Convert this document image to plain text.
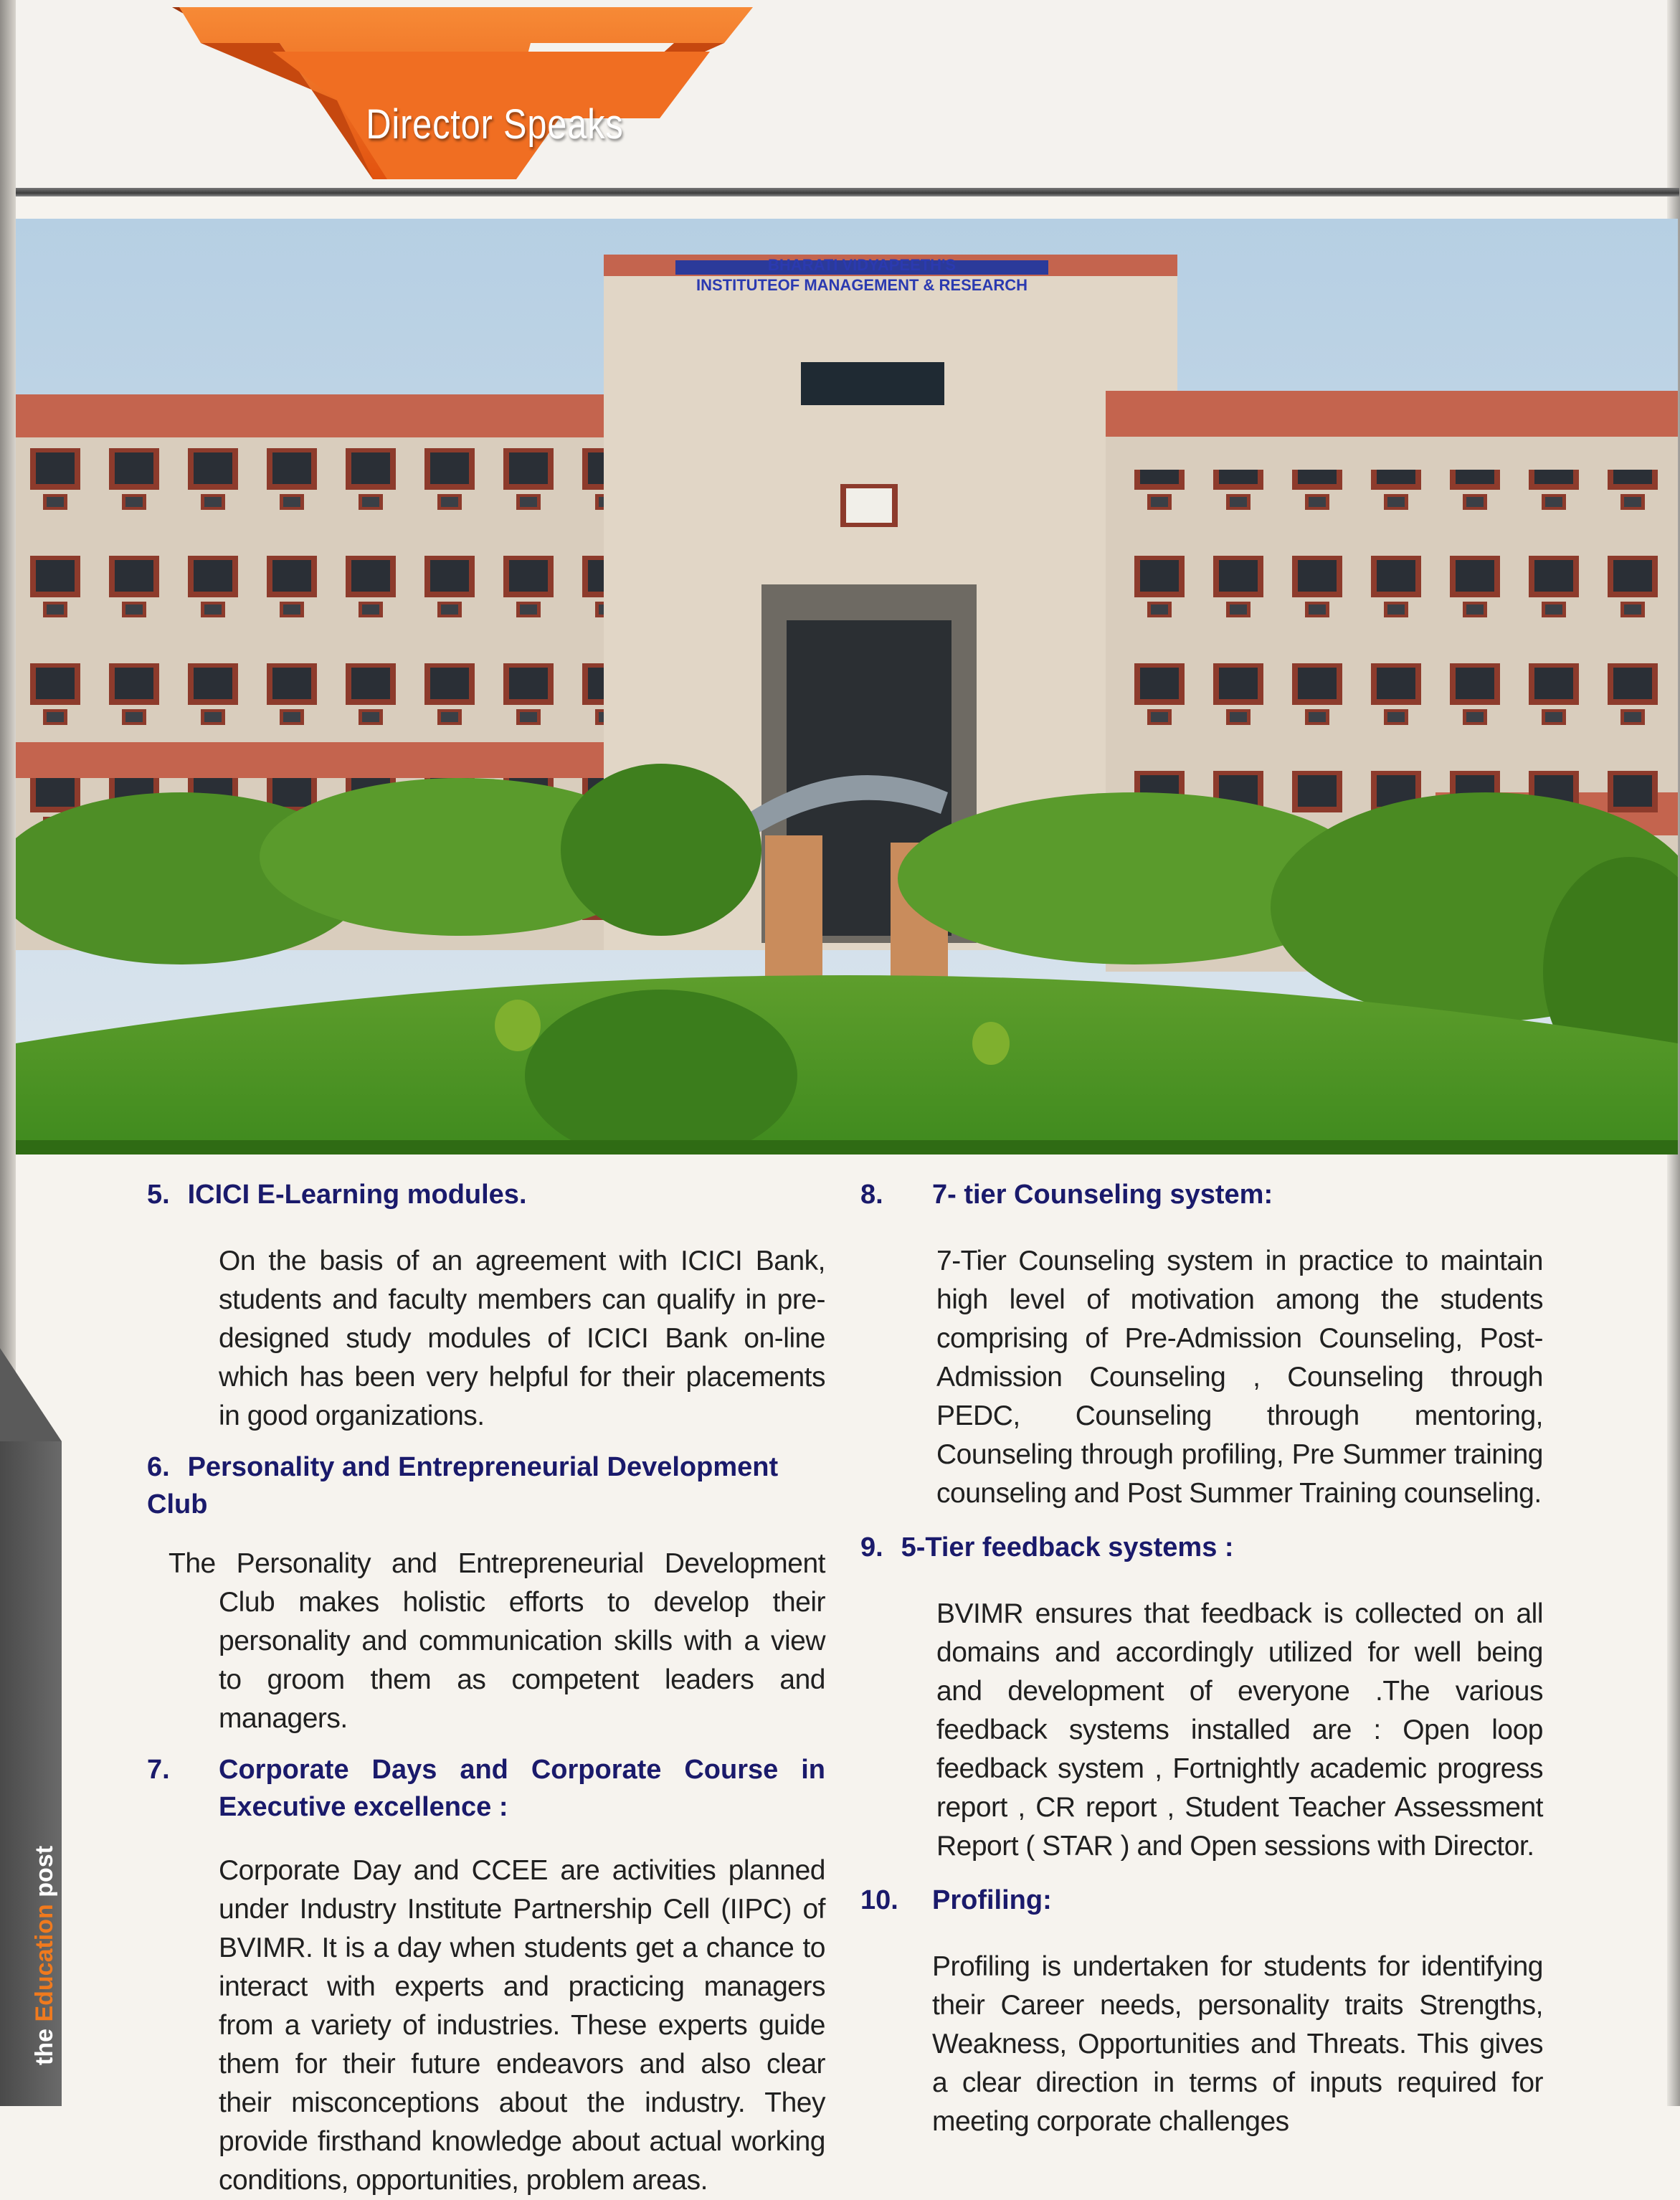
Director Speaks
BHARATI VIDYAPEETH'S
INSTITUTEOF MANAGEMENT & RESEARCH
5. ICICI E-Learning modules.
On the basis of an agreement with ICICI Bank, students and faculty members can qualify in pre-designed study modules of ICICI Bank on-line which has been very helpful for their placements in good organizations.
6. Personality and Entrepreneurial Development Club
The Personality and Entrepreneurial Development Club makes holistic efforts to develop their personality and communication skills with a view to groom them as competent leaders and managers.
7.	Corporate Days and Corporate Course in Executive excellence :
Corporate Day and CCEE are activities planned under Industry Institute Partnership Cell (IIPC) of BVIMR. It is a day when students get a chance to interact with experts and practicing managers from a variety of industries. These experts guide them for their future endeavors and also clear their misconceptions about the industry. They provide firsthand knowledge about actual working conditions, opportunities, problem areas.
8.	7- tier Counseling system:
7-Tier Counseling system in practice to maintain high level of motivation among the students comprising of Pre-Admission Counseling, Post- Admission Counseling , Counseling through PEDC, Counseling through mentoring, Counseling through profiling, Pre Summer training counseling and Post Summer Training counseling.
9. 5-Tier feedback systems :
BVIMR ensures that feedback is collected on all domains and accordingly utilized for well being and development of everyone .The various feedback systems installed are : Open loop feedback system , Fortnightly academic progress report , CR report , Student Teacher Assessment Report ( STAR ) and Open sessions with Director.
10.	Profiling:
Profiling is undertaken for students for identifying their Career needs, personality traits Strengths, Weakness, Opportunities and Threats. This gives a clear direction in terms of inputs required for meeting corporate challenges
the Education post
